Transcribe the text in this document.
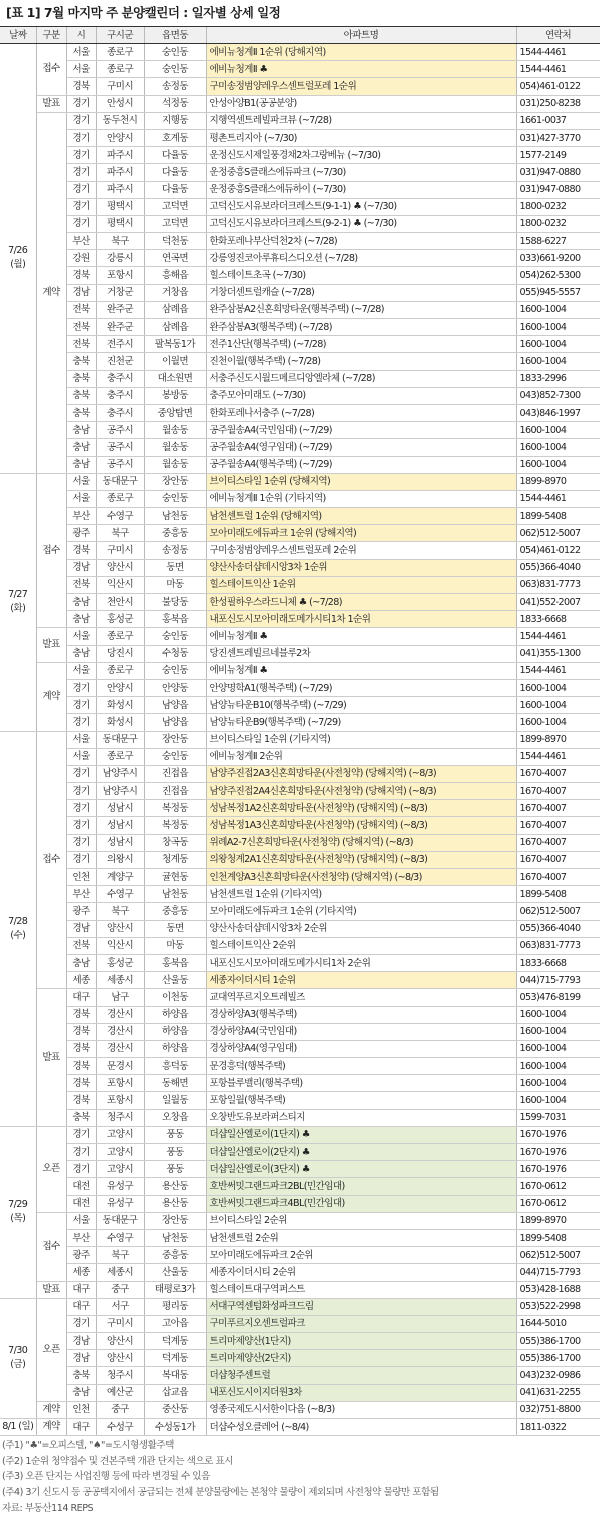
[표 1] 7월 마지막 주 분양캘린더 : 일자별 상세 일정
날짜	구분	시	구시군	읍면동	아파트명	연락처
7/26 (월)	접수	서울	종로구	숭인동	에비뉴청계Ⅱ 1순위 (당해지역)	1544-4461
		서울	종로구	숭인동	에비뉴청계Ⅱ ♣	1544-4461
		경북	구미시	송정동	구미송정범양레우스센트럴포레 1순위	054)461-0122
	발표	경기	안성시	석정동	안성아양B1(공공분양)	031)250-8238
	계약	경기	동두천시	지행동	지행역센트레빌파크뷰 (~7/28)	1661-0037
		경기	안양시	호계동	평촌트리지아 (~7/30)	031)427-3770
		경기	파주시	다율동	운정신도시제일풍경채2차그랑베뉴 (~7/30)	1577-2149
		경기	파주시	다율동	운정중흥S클래스에듀파크 (~7/30)	031)947-0880
		경기	파주시	다율동	운정중흥S클래스에듀하이 (~7/30)	031)947-0880
		경기	평택시	고덕면	고덕신도시유보라더크레스트(9-1-1) ♣ (~7/30)	1800-0232
		경기	평택시	고덕면	고덕신도시유보라더크레스트(9-2-1) ♣ (~7/30)	1800-0232
		부산	북구	덕천동	한화포레나부산덕천2차 (~7/28)	1588-6227
		강원	강릉시	연곡면	강릉영진코아루휴티스디오션 (~7/28)	033)661-9200
		경북	포항시	흥해읍	힐스테이트초곡 (~7/30)	054)262-5300
		경남	거창군	거창읍	거창더센트럴캐슬 (~7/28)	055)945-5557
		전북	완주군	삼례읍	완주삼봉A2신혼희망타운(행복주택) (~7/28)	1600-1004
		전북	완주군	삼례읍	완주삼봉A3(행복주택) (~7/28)	1600-1004
		전북	전주시	팔복동1가	전주1산단(행복주택) (~7/28)	1600-1004
		충북	진천군	이월면	진천이월(행복주택) (~7/28)	1600-1004
		충북	충주시	대소원면	서충주신도시월드메르디앙엘라체 (~7/28)	1833-2996
		충북	충주시	봉방동	충주모아미래도 (~7/30)	043)852-7300
		충북	충주시	중앙탑면	한화포레나서충주 (~7/28)	043)846-1997
		충남	공주시	월송동	공주월송A4(국민임대) (~7/29)	1600-1004
		충남	공주시	월송동	공주월송A4(영구임대) (~7/29)	1600-1004
		충남	공주시	월송동	공주월송A4(행복주택) (~7/29)	1600-1004
7/27 (화)	접수	서울	동대문구	장안동	브이티스타일 1순위 (당해지역)	1899-8970
		서울	종로구	숭인동	에비뉴청계Ⅱ 1순위 (기타지역)	1544-4461
		부산	수영구	남천동	남천센트럴 1순위 (당해지역)	1899-5408
		광주	북구	중흥동	모아미래도에듀파크 1순위 (당해지역)	062)512-5007
		경북	구미시	송정동	구미송정범양레우스센트럴포레 2순위	054)461-0122
		경남	양산시	동면	양산사송더샵데시앙3차 1순위	055)366-4040
		전북	익산시	마동	힐스테이트익산 1순위	063)831-7773
		충남	천안시	불당동	한성필하우스라드니체 ♣ (~7/28)	041)552-2007
		충남	홍성군	홍북읍	내포신도시모아미래도메가시티1차 1순위	1833-6668
	발표	서울	종로구	숭인동	에비뉴청계Ⅱ ♣	1544-4461
		충남	당진시	수청동	당진센트레빌르네블루2차	041)355-1300
	계약	서울	종로구	숭인동	에비뉴청계Ⅱ ♣	1544-4461
		경기	안양시	안양동	안양명학A1(행복주택) (~7/29)	1600-1004
		경기	화성시	남양읍	남양뉴타운B10(행복주택) (~7/29)	1600-1004
		경기	화성시	남양읍	남양뉴타운B9(행복주택) (~7/29)	1600-1004
7/28 (수)	접수	서울	동대문구	장안동	브이티스타일 1순위 (기타지역)	1899-8970
		서울	종로구	숭인동	에비뉴청계Ⅱ 2순위	1544-4461
		경기	남양주시	진접읍	남양주진접2A3신혼희망타운(사전청약) (당해지역) (~8/3)	1670-4007
		경기	남양주시	진접읍	남양주진접2A4신혼희망타운(사전청약) (당해지역) (~8/3)	1670-4007
		경기	성남시	복정동	성남복정1A2신혼희망타운(사전청약) (당해지역) (~8/3)	1670-4007
		경기	성남시	복정동	성남복정1A3신혼희망타운(사전청약) (당해지역) (~8/3)	1670-4007
		경기	성남시	창곡동	위례A2-7신혼희망타운(사전청약) (당해지역) (~8/3)	1670-4007
		경기	의왕시	청계동	의왕청계2A1신혼희망타운(사전청약) (당해지역) (~8/3)	1670-4007
		인천	계양구	귤현동	인천계양A3신혼희망타운(사전청약) (당해지역) (~8/3)	1670-4007
		부산	수영구	남천동	남천센트럴 1순위 (기타지역)	1899-5408
		광주	북구	중흥동	모아미래도에듀파크 1순위 (기타지역)	062)512-5007
		경남	양산시	동면	양산사송더샵데시앙3차 2순위	055)366-4040
		전북	익산시	마동	힐스테이트익산 2순위	063)831-7773
		충남	홍성군	홍북읍	내포신도시모아미래도메가시티1차 2순위	1833-6668
		세종	세종시	산울동	세종자이더시티 1순위	044)715-7793
	발표	대구	남구	이천동	교대역푸르지오트레빌즈	053)476-8199
		경북	경산시	하양읍	경상하양A3(행복주택)	1600-1004
		경북	경산시	하양읍	경상하양A4(국민임대)	1600-1004
		경북	경산시	하양읍	경상하양A4(영구임대)	1600-1004
		경북	문경시	흥덕동	문경흥덕(행복주택)	1600-1004
		경북	포항시	동해면	포항블루밸리(행복주택)	1600-1004
		경북	포항시	일월동	포항일월(행복주택)	1600-1004
		충북	청주시	오창읍	오창반도유보라퍼스티지	1599-7031
7/29 (목)	오픈	경기	고양시	풍동	더샵일산엘로이(1단지) ♣	1670-1976
		경기	고양시	풍동	더샵일산엘로이(2단지) ♣	1670-1976
		경기	고양시	풍동	더샵일산엘로이(3단지) ♣	1670-1976
		대전	유성구	용산동	호반써밋그랜드파크2BL(민간임대)	1670-0612
		대전	유성구	용산동	호반써밋그랜드파크4BL(민간임대)	1670-0612
	접수	서울	동대문구	장안동	브이티스타일 2순위	1899-8970
		부산	수영구	남천동	남천센트럴 2순위	1899-5408
		광주	북구	중흥동	모아미래도에듀파크 2순위	062)512-5007
		세종	세종시	산울동	세종자이더시티 2순위	044)715-7793
	발표	대구	중구	태평로3가	힐스테이트대구역퍼스트	053)428-1688
7/30 (금)	오픈	대구	서구	평리동	서대구역센텀화성파크드림	053)522-2998
		경기	구미시	고아읍	구미푸르지오센트럴파크	1644-5010
		경남	양산시	덕계동	트리마제양산(1단지)	055)386-1700
		경남	양산시	덕계동	트리마제양산(2단지)	055)386-1700
		충북	청주시	복대동	더샵청주센트럴	043)232-0986
		충남	예산군	삽교읍	내포신도시이지더원3차	041)631-2255
	계약	인천	중구	중산동	영종국제도시서한이다음 (~8/3)	032)751-8800
8/1 (일)	계약	대구	수성구	수성동1가	더샵수성오클레어 (~8/4)	1811-0322
(주1) "♣"=오피스텔, "♠"=도시형생활주택
(주2) 1순위 청약접수 및 견본주택 개관 단지는 색으로 표시
(주3) 오픈 단지는 사업진행 등에 따라 변경될 수 있음
(주4) 3기 신도시 등 공공택지에서 공급되는 전체 분양물량에는 본청약 물량이 제외되며 사전청약 물량만 포함됨
자료: 부동산114 REPS
